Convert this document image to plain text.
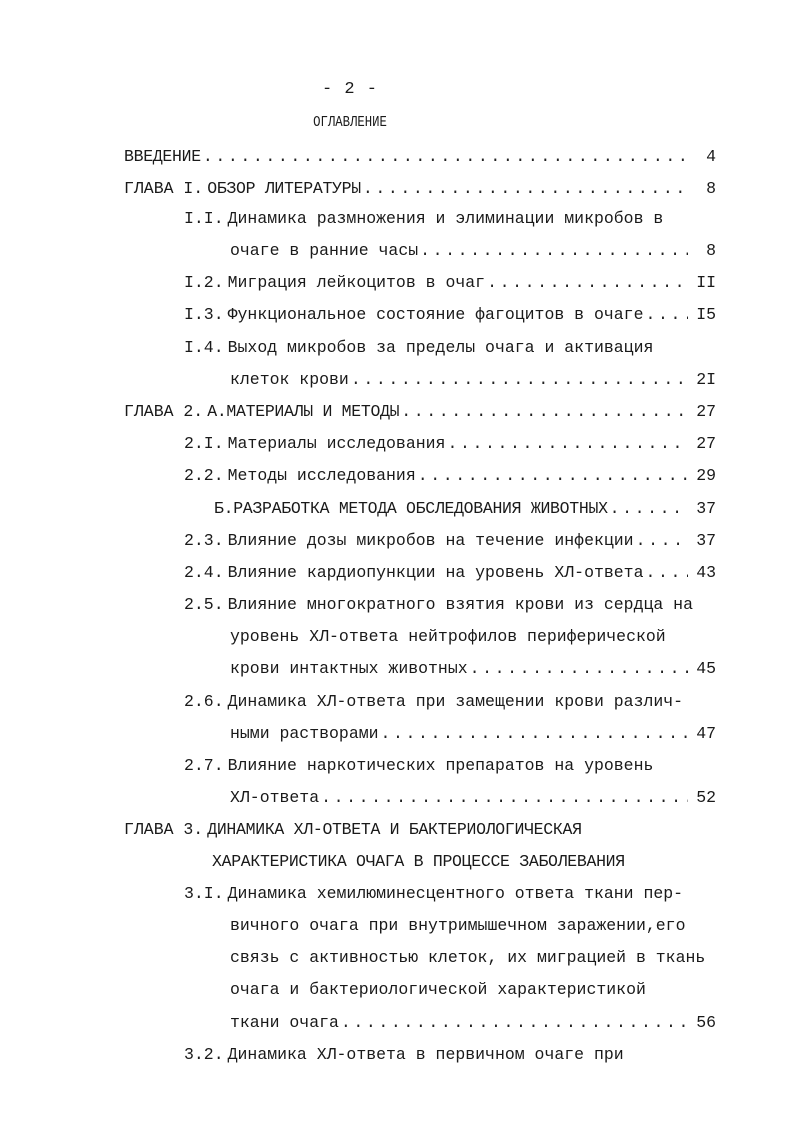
- 2 -
ОГЛАВЛЕНИЕ
ВВЕДЕНИЕ .....	4
ГЛАВА I. ОБЗОР ЛИТЕРАТУРЫ .....	8
I.I. Динамика размножения и элиминации микробов в
очаге в ранние часы .....	8
I.2. Миграция лейкоцитов в очаг .....	II
I.3. Функциональное состояние фагоцитов в очаге .....	I5
I.4. Выход микробов за пределы очага и активация
клеток крови .....	2I
ГЛАВА 2. А.МАТЕРИАЛЫ И МЕТОДЫ .....	27
2.I. Материалы исследования .....	27
2.2. Методы исследования .....	29
Б.РАЗРАБОТКА МЕТОДА ОБСЛЕДОВАНИЯ ЖИВОТНЫХ .....	37
2.3. Влияние дозы микробов на течение инфекции .....	37
2.4. Влияние кардиопункции на уровень ХЛ-ответа .....	43
2.5. Влияние многократного взятия крови из сердца на
уровень ХЛ-ответа нейтрофилов периферической
крови интактных животных .....	45
2.6. Динамика ХЛ-ответа при замещении крови различ-
ными растворами .....	47
2.7. Влияние наркотических препаратов на уровень
ХЛ-ответа .....	52
ГЛАВА 3. ДИНАМИКА ХЛ-ОТВЕТА И БАКТЕРИОЛОГИЧЕСКАЯ
ХАРАКТЕРИСТИКА ОЧАГА В ПРОЦЕССЕ ЗАБОЛЕВАНИЯ
3.I. Динамика хемилюминесцентного ответа ткани пер-
вичного очага при внутримышечном заражении,его
связь с активностью клеток, их миграцией в ткань
очага и бактериологической характеристикой
ткани очага .....	56
3.2. Динамика ХЛ-ответа в первичном очаге при
